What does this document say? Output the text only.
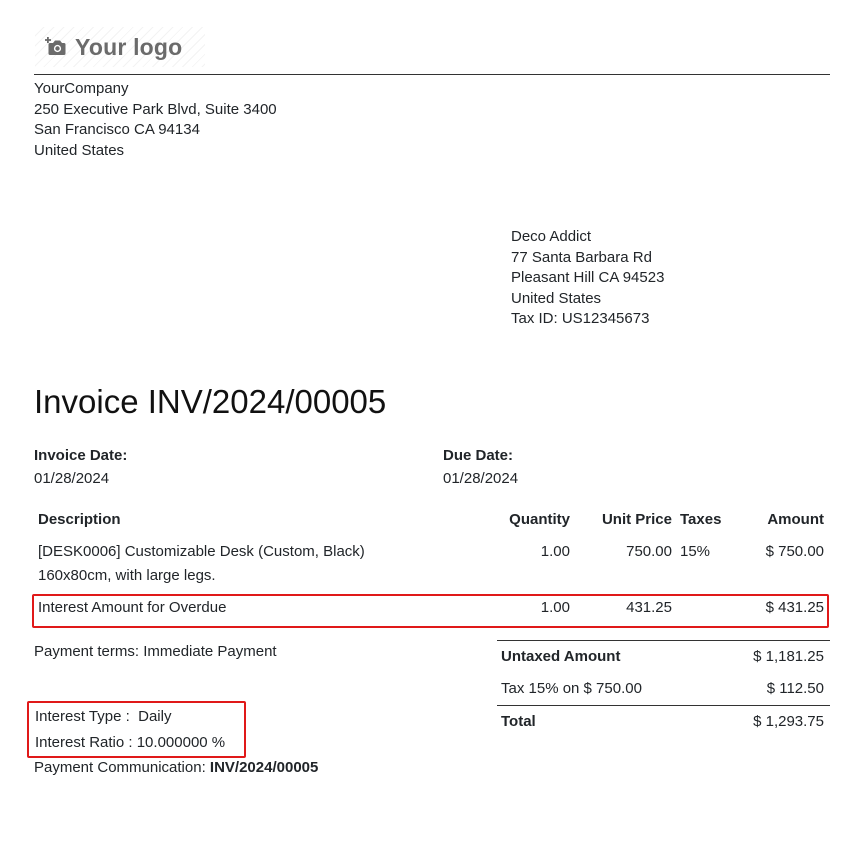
Your logo
YourCompany
250 Executive Park Blvd, Suite 3400
San Francisco CA 94134
United States
Deco Addict
77 Santa Barbara Rd
Pleasant Hill CA 94523
United States
Tax ID: US12345673
Invoice INV/2024/00005
Invoice Date:
01/28/2024
Due Date:
01/28/2024
Description	Quantity Unit Price Taxes	Amount
[DESK0006] Customizable Desk (Custom, Black)
160x80cm, with large legs.
1.00	750.00 15%	$ 750.00
Interest Amount for Overdue	1.00	431.25	$ 431.25
Payment terms: Immediate Payment	Untaxed Amount	$ 1,181.25
Tax 15% on $ 750.00	$ 112.50
Total	$ 1,293.75
Interest Type : Daily
Interest Ratio : 10.000000 %
Payment Communication: INV/2024/00005
